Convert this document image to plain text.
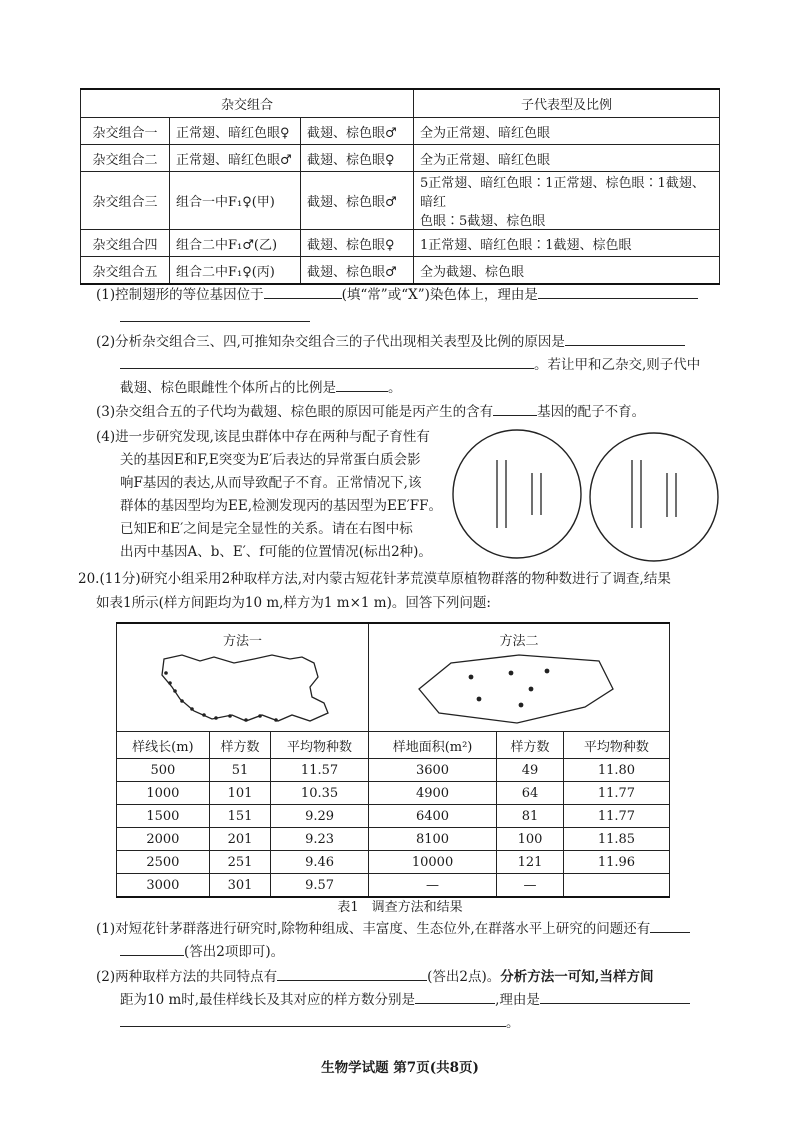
杂交组合			子代表型及比例
杂交组合一	正常翅、暗红色眼♀	截翅、棕色眼♂	全为正常翅、暗红色眼
杂交组合二	正常翅、暗红色眼♂	截翅、棕色眼♀	全为正常翅、暗红色眼
杂交组合三	组合一中F₁♀(甲)	截翅、棕色眼♂	5正常翅、暗红色眼∶1正常翅、棕色眼∶1截翅、暗红
色眼∶5截翅、棕色眼

杂交组合四	组合二中F₁♂(乙)	截翅、棕色眼♀	1正常翅、暗红色眼∶1截翅、棕色眼
杂交组合五	组合二中F₁♀(丙)	截翅、棕色眼♂	全为截翅、棕色眼
(1)控制翅形的等位基因位于	(填“常”或“X”)染色体上，理由是
(2)分析杂交组合三、四,可推知杂交组合三的子代出现相关表型及比例的原因是
。若让甲和乙杂交,则子代中
截翅、棕色眼雌性个体所占的比例是	。
(3)杂交组合五的子代均为截翅、棕色眼的原因可能是丙产生的含有	基因的配子不育。
(4)进一步研究发现,该昆虫群体中存在两种与配子育性有
关的基因E和F,E突变为E′后表达的异常蛋白质会影
响F基因的表达,从而导致配子不育。正常情况下,该
群体的基因型均为EE,检测发现丙的基因型为EE′FF。
已知E和E′之间是完全显性的关系。请在右图中标
出丙中基因A、b、E′、f可能的位置情况(标出2种)。
20.(11分)研究小组采用2种取样方法,对内蒙古短花针茅荒漠草原植物群落的物种数进行了调查,结果
如表1所示(样方间距均为10 m,样方为1 m×1 m)。回答下列问题:
方法一			方法二		

样线长(m)	样方数	平均物种数	样地面积(m²)	样方数	平均物种数
500	51	11.57	3600	49	11.80
1000	101	10.35	4900	64	11.77
1500	151	9.29	6400	81	11.77
2000	201	9.23	8100	100	11.85
2500	251	9.46	10000	121	11.96
3000	301	9.57	—	—	
表1　调查方法和结果
(1)对短花针茅群落进行研究时,除物种组成、丰富度、生态位外,在群落水平上研究的问题还有
(答出2项即可)。
(2)两种取样方法的共同特点有	(答出2点)。分析方法一可知,当样方间
距为10 m时,最佳样线长及其对应的样方数分别是	,理由是
。
生物学试题 第7页(共8页)
